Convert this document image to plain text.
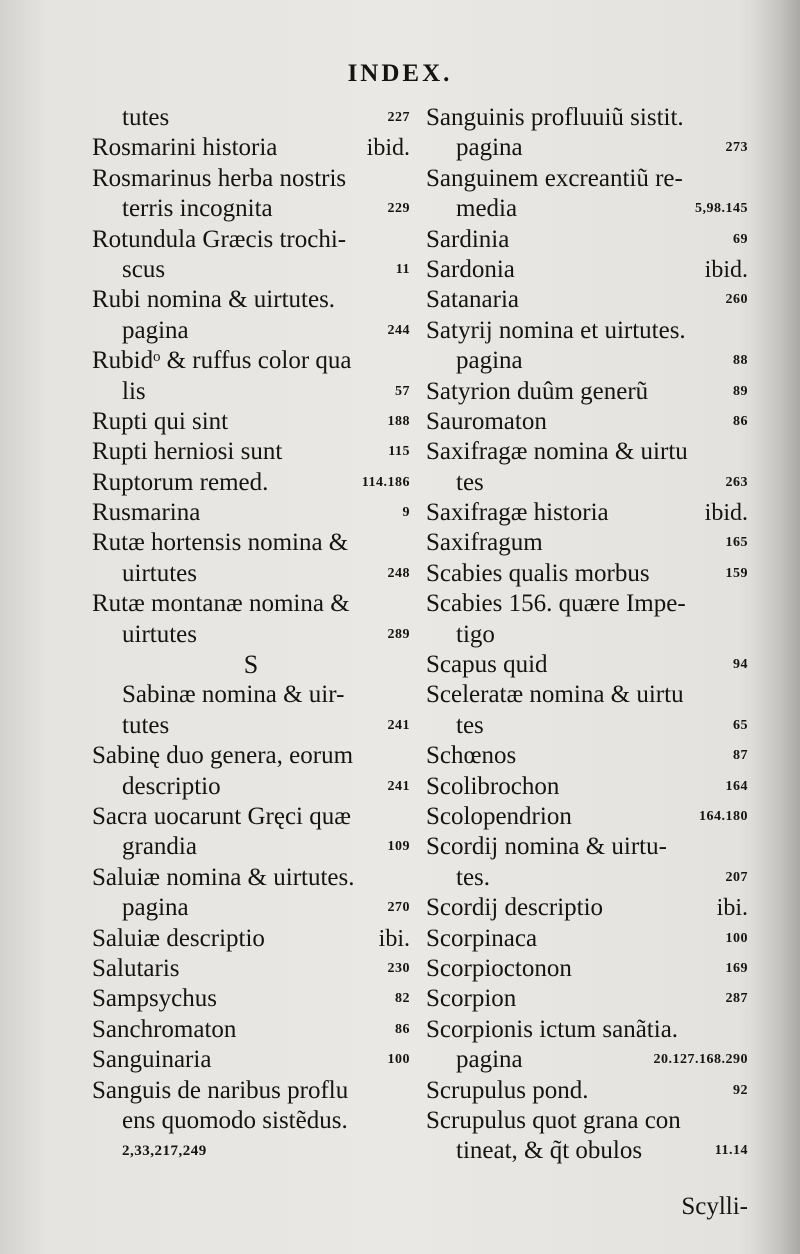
INDEX.
tutes	227
Rosmarini historia	ibid.
Rosmarinus herba nostris
terris incognita	229
Rotundula Græcis trochi-
scus	11
Rubi nomina & uirtutes.
pagina	244
Rubidᵒ & ruffus color qua
lis	57
Rupti qui sint	188
Rupti herniosi sunt	115
Ruptorum remed.	114.186
Rusmarina	9
Rutæ hortensis nomina &
uirtutes	248
Rutæ montanæ nomina &
uirtutes	289
S
Sabinæ nomina & uir-
tutes	241
Sabinę duo genera, eorum
descriptio	241
Sacra uocarunt Gręci quæ
grandia	109
Saluiæ nomina & uirtutes.
pagina	270
Saluiæ descriptio	ibi.
Salutaris	230
Sampsychus	82
Sanchromaton	86
Sanguinaria	100
Sanguis de naribus proflu
ens quomodo sistẽdus.
2,33,217,249
Sanguinis profluuiũ sistit.
pagina	273
Sanguinem excreantiũ re-
media	5,98.145
Sardinia	69
Sardonia	ibid.
Satanaria	260
Satyrij nomina et uirtutes.
pagina	88
Satyrion duûm generũ	89
Sauromaton	86
Saxifragæ nomina & uirtu
tes	263
Saxifragæ historia	ibid.
Saxifragum	165
Scabies qualis morbus	159
Scabies 156. quære Impe-
tigo
Scapus quid	94
Sceleratæ nomina & uirtu
tes	65
Schœnos	87
Scolibrochon	164
Scolopendrion	164.180
Scordij nomina & uirtu-
tes.	207
Scordij descriptio	ibi.
Scorpinaca	100
Scorpioctonon	169
Scorpion	287
Scorpionis ictum sanãtia.
pagina	20.127.168.290
Scrupulus pond.	92
Scrupulus quot grana con
tineat, & q̃t obulos	11.14
Scylli-
